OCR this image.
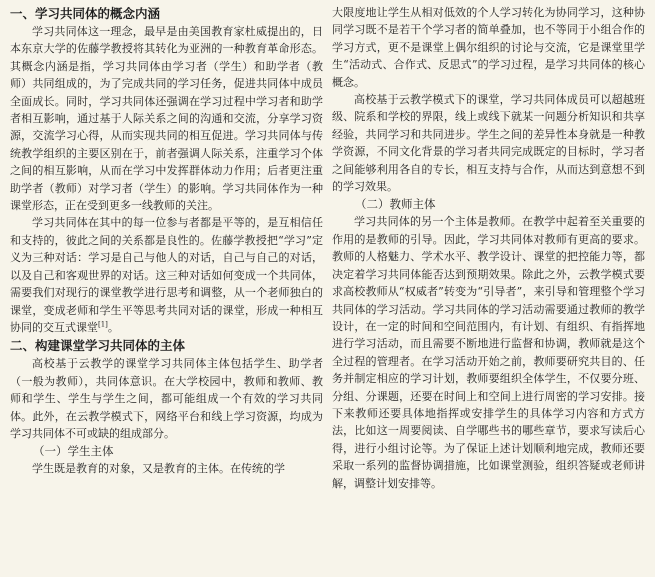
一、学习共同体的概念内涵

学习共同体这一理念，最早是由美国教育家杜威提出的，日本东京大学的佐藤学教授将其转化为亚洲的一种教育革命形态。其概念内涵是指，学习共同体由学习者（学生）和助学者（教师）共同组成的，为了完成共同的学习任务，促进共同体中成员全面成长。同时，学习共同体还强调在学习过程中学习者和助学者相互影响，通过基于人际关系之间的沟通和交流，分享学习资源，交流学习心得，从而实现共同的相互促进。学习共同体与传统教学组织的主要区别在于，前者强调人际关系，注重学习个体之间的相互影响，从而在学习中发挥群体动力作用；后者更注重助学者（教师）对学习者（学生）的影响。学习共同体作为一种课堂形态，正在受到更多一线教师的关注。

学习共同体在其中的每一位参与者都是平等的，是互相信任和支持的，彼此之间的关系都是良性的。佐藤学教授把“学习”定义为三种对话：学习是自己与他人的对话，自己与自己的对话，以及自己和客观世界的对话。这三种对话如何变成一个共同体，需要我们对现行的课堂教学进行思考和调整，从一个老师独白的课堂，变成老师和学生平等思考共同对话的课堂，形成一种相互协同的交互式课堂[1]。

二、构建课堂学习共同体的主体

高校基于云教学的课堂学习共同体主体包括学生、助学者（一般为教师），共同体意识。在大学校园中，教师和教师、教师和学生、学生与学生之间，都可能组成一个有效的学习共同体。此外，在云教学模式下，网络平台和线上学习资源，均成为学习共同体不可或缺的组成部分。

（一）学生主体

学生既是教育的对象，又是教育的主体。在传统的学

大限度地让学生从相对低效的个人学习转化为协同学习，这种协同学习既不是若干个学习者的简单叠加，也不等同于小组合作的学习方式，更不是课堂上偶尔组织的讨论与交流，它是课堂里学生“活动式、合作式、反思式”的学习过程，是学习共同体的核心概念。

高校基于云教学模式下的课堂，学习共同体成员可以超越班级、院系和学校的界限，线上或线下就某一问题分析知识和共享经验，共同学习和共同进步。学生之间的差异性本身就是一种教学资源，不同文化背景的学习者共同完成既定的目标时，学习者之间能够利用各自的专长，相互支持与合作，从而达到意想不到的学习效果。

（二）教师主体

学习共同体的另一个主体是教师。在教学中起着至关重要的作用的是教师的引导。因此，学习共同体对教师有更高的要求。教师的人格魅力、学术水平、教学设计、课堂的把控能力等，都决定着学习共同体能否达到预期效果。除此之外，云教学模式要求高校教师从“权威者”转变为“引导者”，来引导和管理整个学习共同体的学习活动。学习共同体的学习活动需要通过教师的教学设计，在一定的时间和空间范围内，有计划、有组织、有指挥地进行学习活动，而且需要不断地进行监督和协调，教师就是这个全过程的管理者。在学习活动开始之前，教师要研究共目的、任务并制定相应的学习计划，教师要组织全体学生，不仅要分班、分组、分课题，还要在时间上和空间上进行周密的学习安排。接下来教师还要具体地指挥或安排学生的具体学习内容和方式方法，比如这一周要阅读、自学哪些书的哪些章节，要求写读后心得，进行小组讨论等。为了保证上述计划顺利地完成，教师还要采取一系列的监督协调措施，比如课堂测验，组织答疑或老师讲解，调整计划安排等。
